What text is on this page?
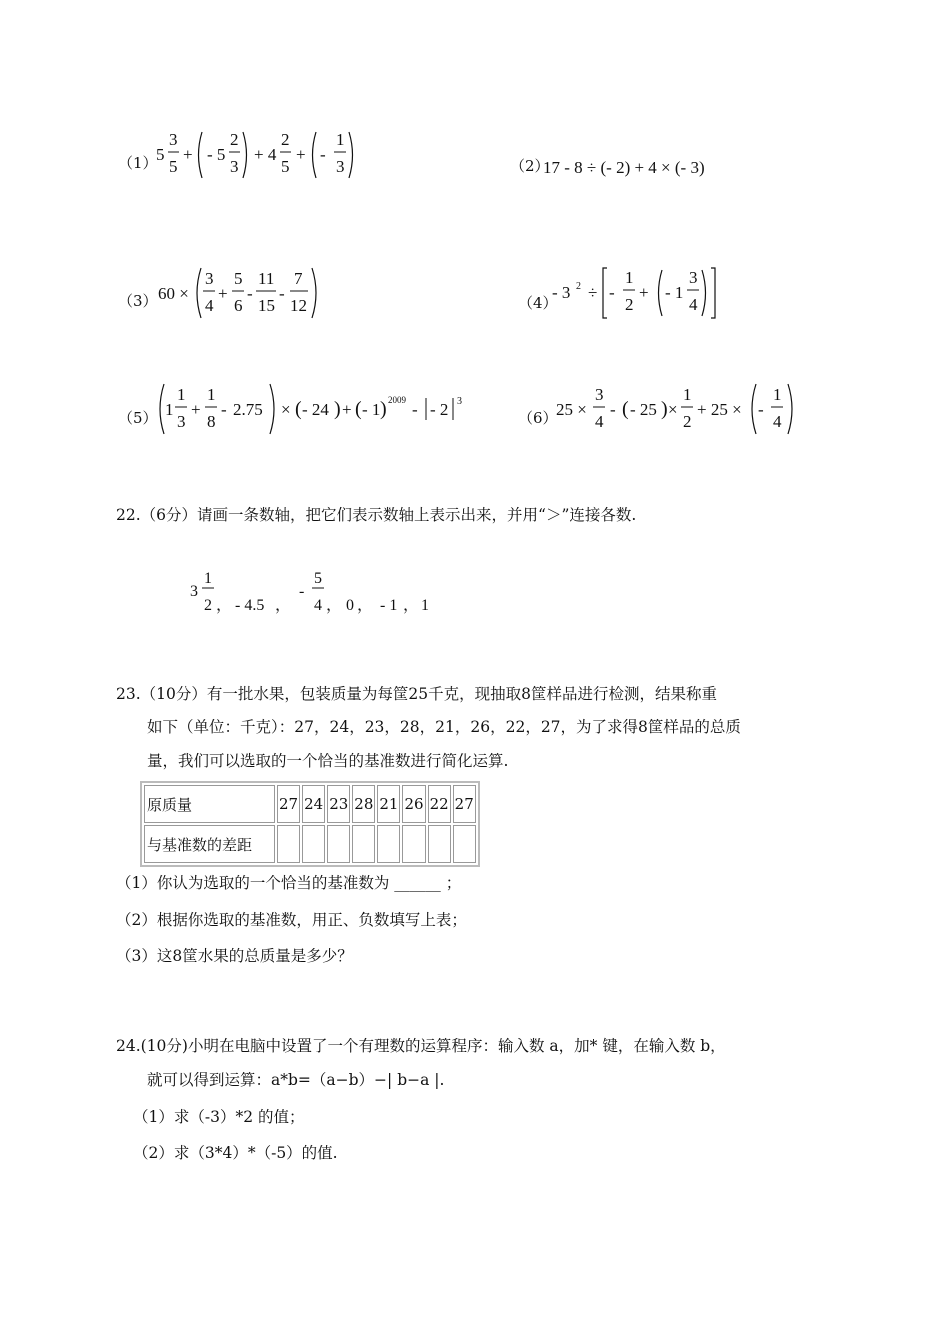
（1）
5
3
5
+ - 5
2
3
+ 4
2
5
+ -
1
3	（2）
17 - 8 ÷ (- 2) + 4 × (- 3)
（3） 60 ×
3
4
+
5
6
-
11
15
-
7
12	（4）
- 3 2 ÷ -
1
2
+ - 1
3
4
（5） 1
1
3
+
1
8
- 2.75 × ( - 24 ) + ( - 1 ) 2009 - - 2 3
（6）
25 ×
3
4
- ( - 25 ) ×
1
2
+ 25 × -
1
4
22.（6分）请画一条数轴，把它们表示数轴上表示出来，并用“＞”连接各数.
3
1
2 ， - 4.5 ，
-
5
4 ， 0 ， - 1 ， 1
23.（10分）有一批水果，包装质量为每筐25千克，现抽取8筐样品进行检测，结果称重
如下（单位：千克）：27，24，23，28，21，26，22，27，为了求得8筐样品的总质
量，我们可以选取的一个恰当的基准数进行简化运算.
原质量	27	24	23	28	21	26	22	27
与基准数的差距								
（1）你认为选取的一个恰当的基准数为 ______ ；
（2）根据你选取的基准数，用正、负数填写上表；
（3）这8筐水果的总质量是多少？
24.(10分)小明在电脑中设置了一个有理数的运算程序：输入数 a，加* 键，在输入数 b，
就可以得到运算：a*b=（a−b）−| b−a |.
（1）求（-3）*2 的值；
（2）求（3*4）*（-5）的值.
